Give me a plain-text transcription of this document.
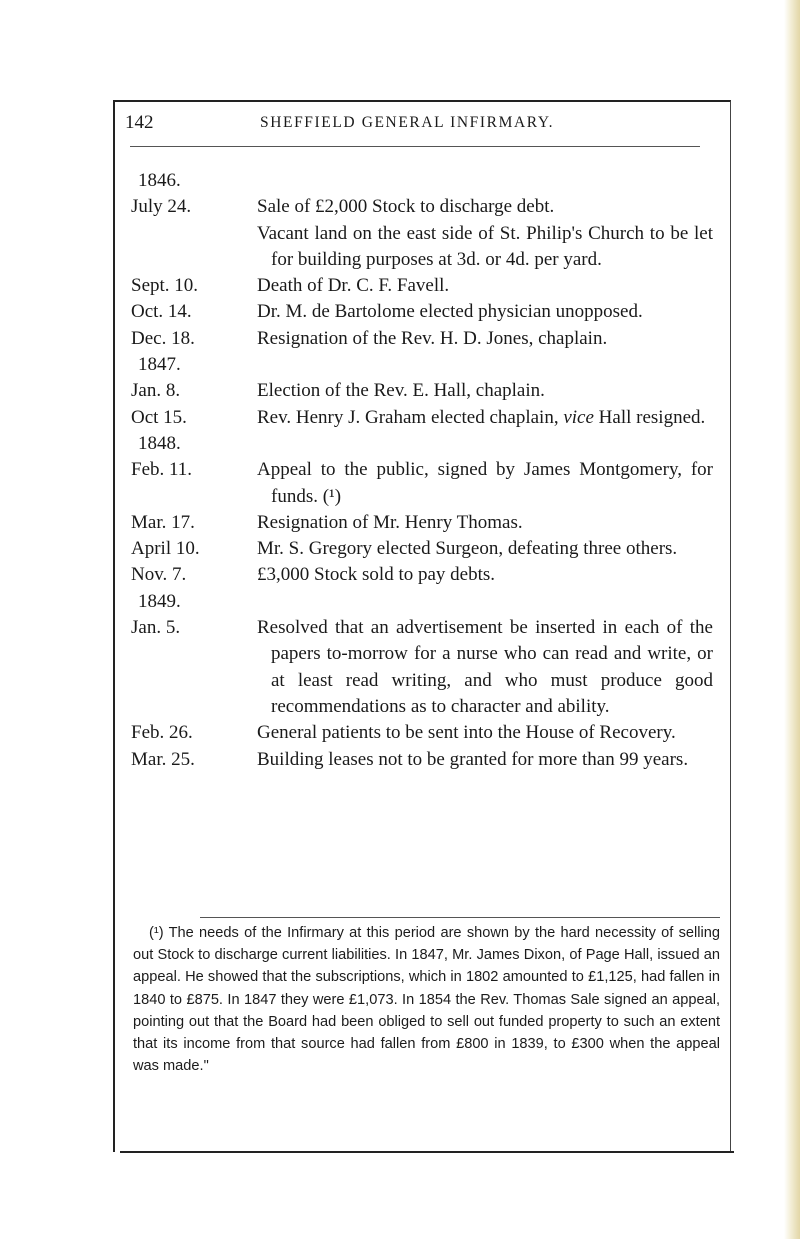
142	SHEFFIELD GENERAL INFIRMARY.
1846.
July 24.	Sale of £2,000 Stock to discharge debt.
Vacant land on the east side of St. Philip's Church to be let for building purposes at 3d. or 4d. per yard.
Sept. 10.	Death of Dr. C. F. Favell.
Oct. 14.	Dr. M. de Bartolome elected physician unopposed.
Dec. 18.	Resignation of the Rev. H. D. Jones, chaplain.
1847.
Jan. 8.	Election of the Rev. E. Hall, chaplain.
Oct 15.	Rev. Henry J. Graham elected chaplain, vice Hall resigned.
1848.
Feb. 11.	Appeal to the public, signed by James Montgomery, for funds. (¹)
Mar. 17.	Resignation of Mr. Henry Thomas.
April 10.	Mr. S. Gregory elected Surgeon, defeating three others.
Nov. 7.	£3,000 Stock sold to pay debts.
1849.
Jan. 5.	Resolved that an advertisement be inserted in each of the papers to-morrow for a nurse who can read and write, or at least read writing, and who must produce good recommendations as to character and ability.
Feb. 26.	General patients to be sent into the House of Recovery.
Mar. 25.	Building leases not to be granted for more than 99 years.
(¹) The needs of the Infirmary at this period are shown by the hard necessity of selling out Stock to discharge current liabilities. In 1847, Mr. James Dixon, of Page Hall, issued an appeal. He showed that the subscriptions, which in 1802 amounted to £1,125, had fallen in 1840 to £875. In 1847 they were £1,073. In 1854 the Rev. Thomas Sale signed an appeal, pointing out that the Board had been obliged to sell out funded property to such an extent that its income from that source had fallen from £800 in 1839, to £300 when the appeal was made."
